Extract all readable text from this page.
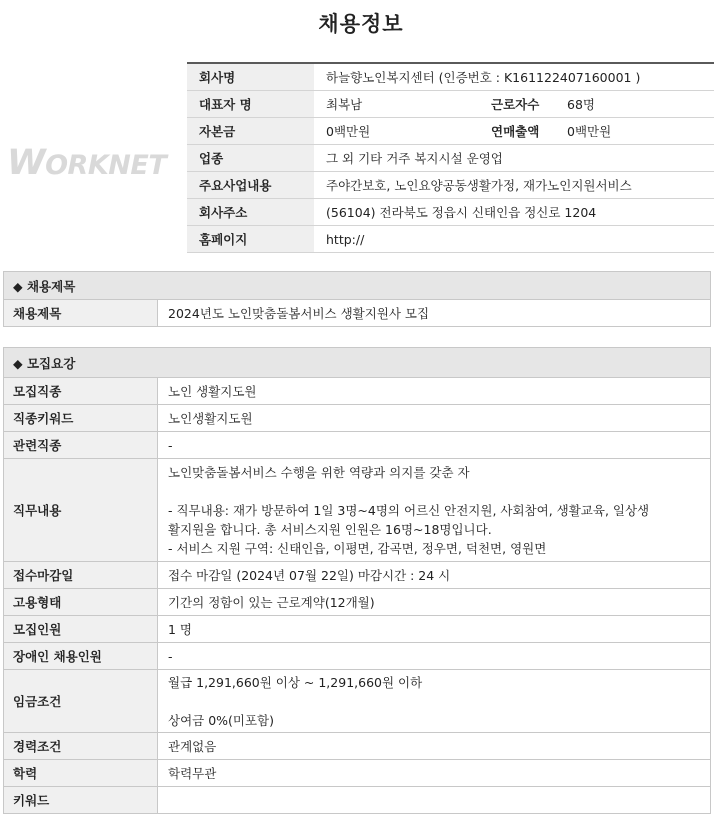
채용정보
WORKNET
회사명	하늘향노인복지센터 (인증번호 : K161122407160001 )		
대표자 명	최복남	근로자수	68명
자본금	0백만원	연매출액	0백만원
업종	그 외 기타 거주 복지시설 운영업		
주요사업내용	주야간보호, 노인요양공동생활가정, 재가노인지원서비스		
회사주소	(56104) 전라북도 정읍시 신태인읍 정신로 1204		
홈페이지	http://		
◆ 채용제목
채용제목	2024년도 노인맞춤돌봄서비스 생활지원사 모집
◆ 모집요강	
모집직종	노인 생활지도원
직종키워드	노인생활지도원
관련직종	-
직무내용	노인맞춤돌봄서비스 수행을 위한 역량과 의지를 갖춘 자
- 직무내용: 재가 방문하여 1일 3명~4명의 어르신 안전지원, 사회참여, 생활교육, 일상생
활지원을 합니다. 총 서비스지원 인원은 16명~18명입니다.
- 서비스 지원 구역: 신태인읍, 이평면, 감곡면, 정우면, 덕천면, 영원면

접수마감일	접수 마감일 (2024년 07월 22일) 마감시간 : 24 시
고용형태	기간의 정함이 있는 근로계약(12개월)
모집인원	1 명
장애인 채용인원	-
임금조건	월급 1,291,660원 이상 ~ 1,291,660원 이하
상여금 0%(미포함)

경력조건	관계없음
학력	학력무관
키워드	
